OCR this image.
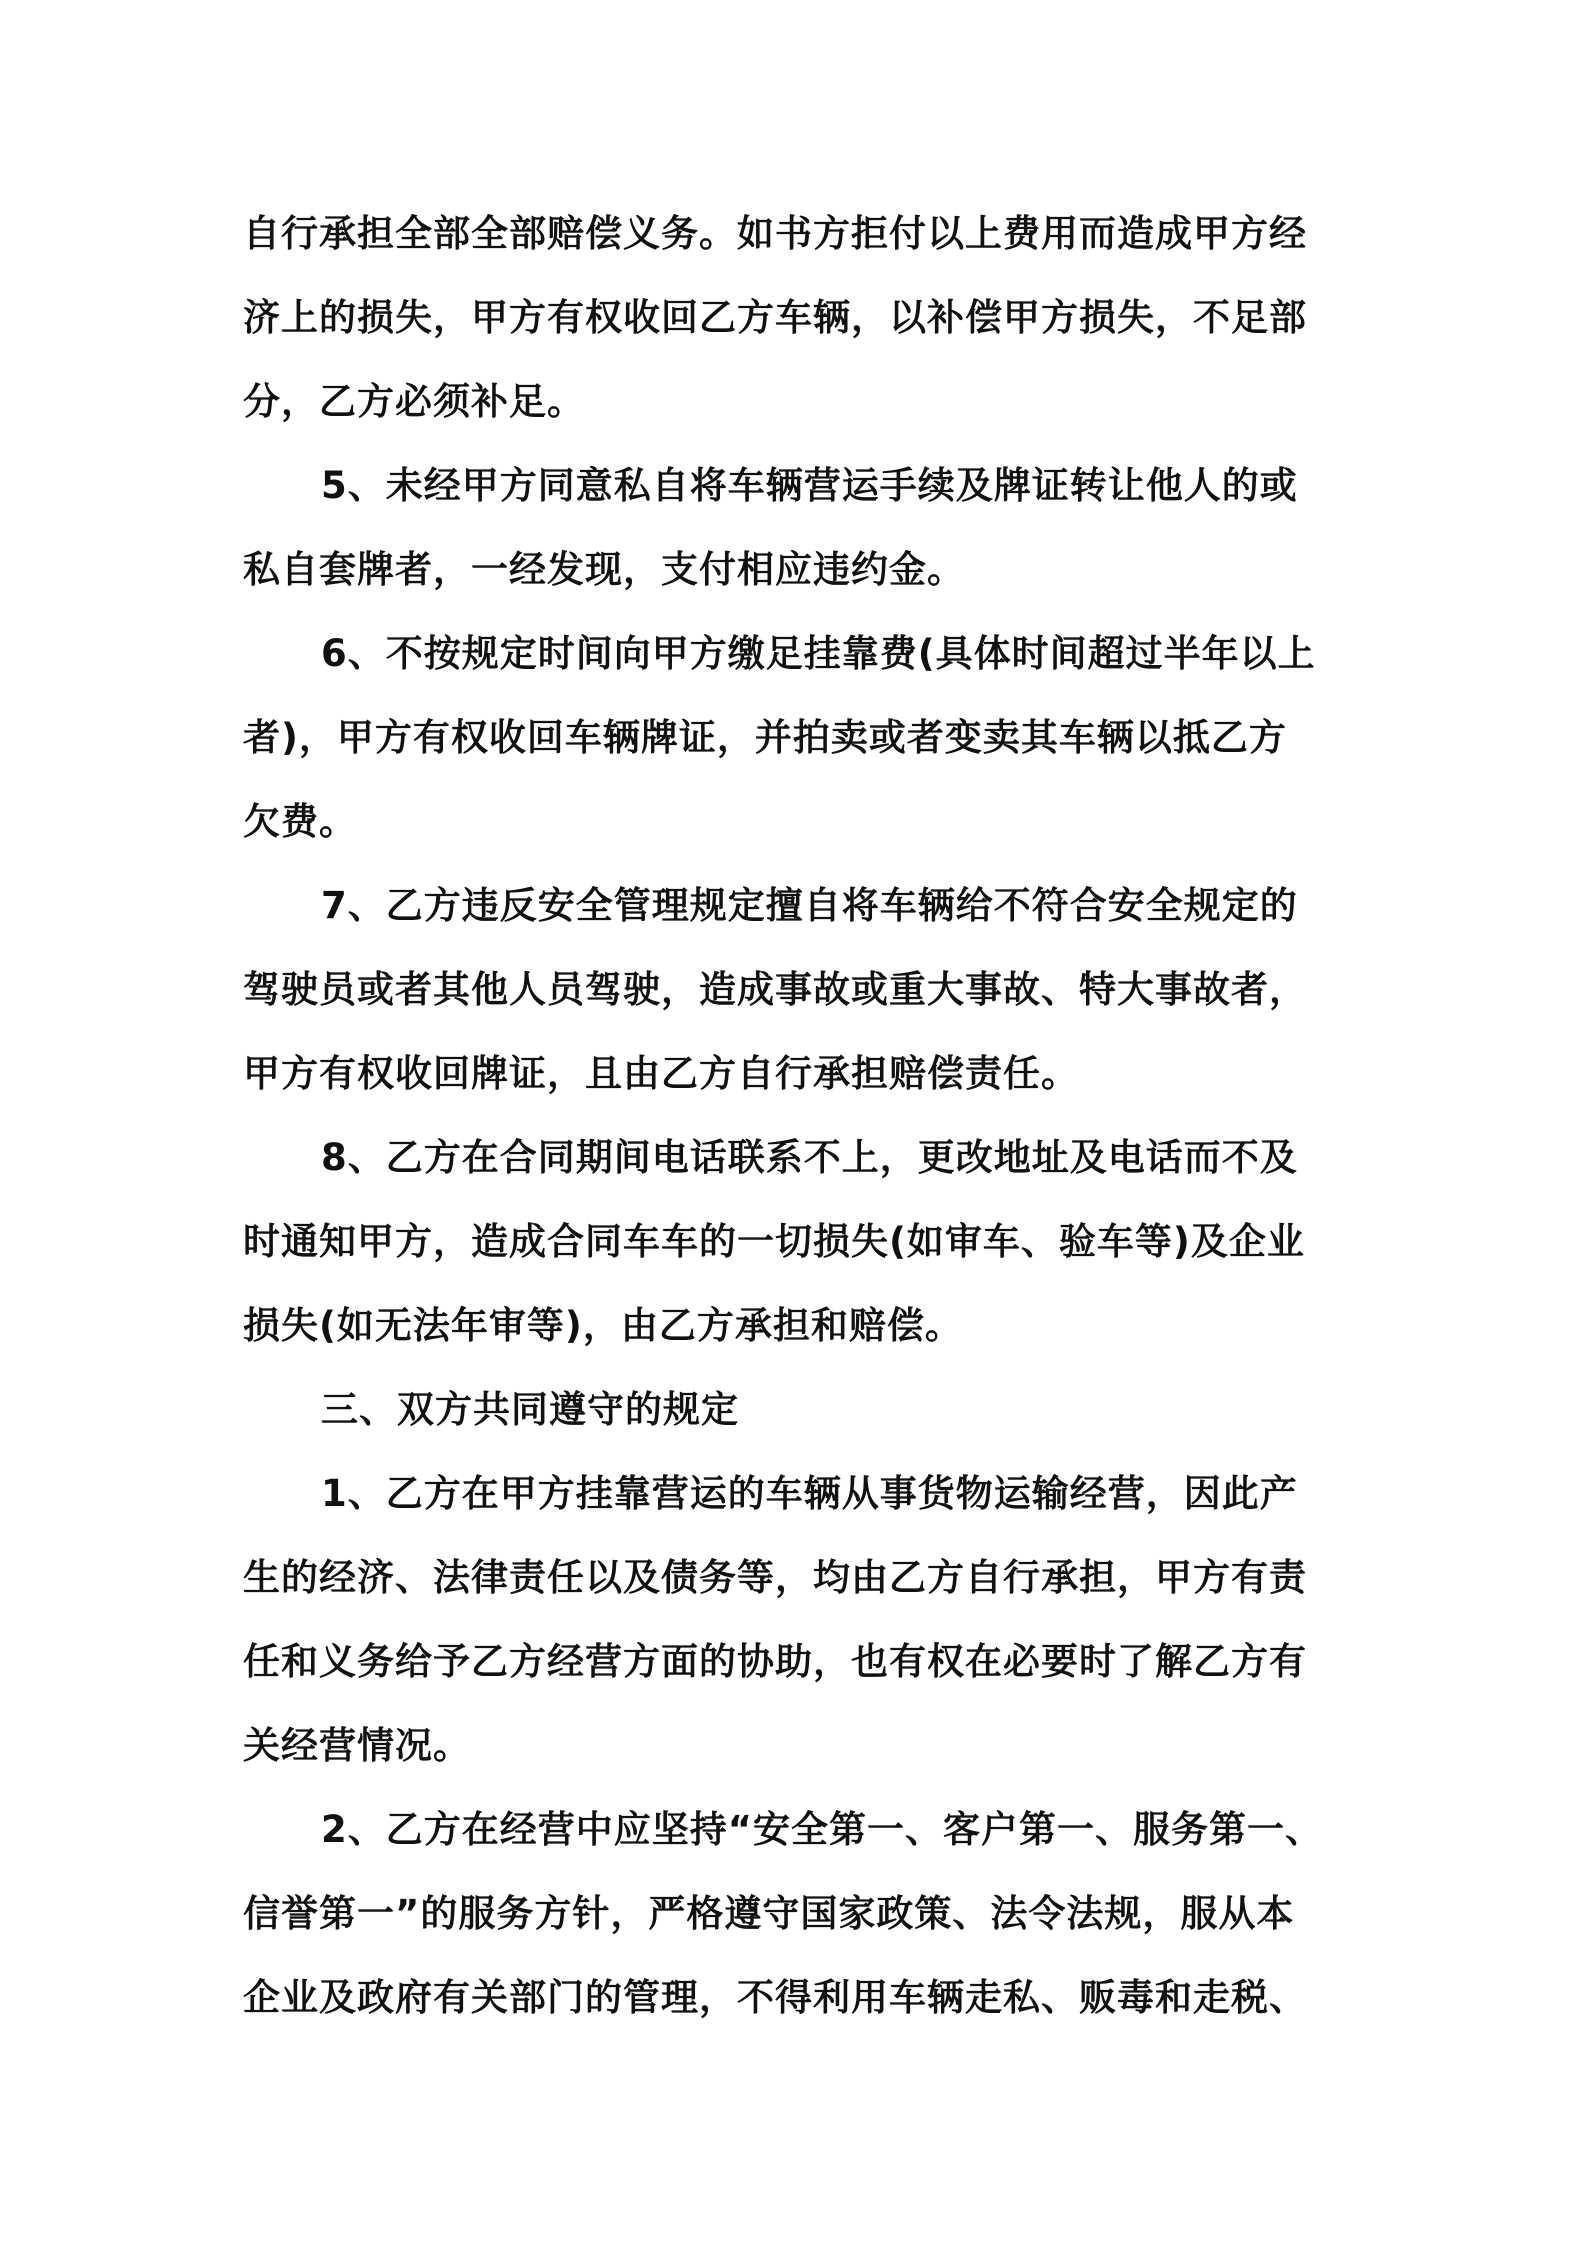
自行承担全部全部赔偿义务。如书方拒付以上费用而造成甲方经
济上的损失，甲方有权收回乙方车辆，以补偿甲方损失，不足部
分，乙方必须补足。
5、未经甲方同意私自将车辆营运手续及牌证转让他人的或
私自套牌者，一经发现，支付相应违约金。
6、不按规定时间向甲方缴足挂靠费(具体时间超过半年以上
者)，甲方有权收回车辆牌证，并拍卖或者变卖其车辆以抵乙方
欠费。
7、乙方违反安全管理规定擅自将车辆给不符合安全规定的
驾驶员或者其他人员驾驶，造成事故或重大事故、特大事故者，
甲方有权收回牌证，且由乙方自行承担赔偿责任。
8、乙方在合同期间电话联系不上，更改地址及电话而不及
时通知甲方，造成合同车车的一切损失(如审车、验车等)及企业
损失(如无法年审等)，由乙方承担和赔偿。
三、双方共同遵守的规定
1、乙方在甲方挂靠营运的车辆从事货物运输经营，因此产
生的经济、法律责任以及债务等，均由乙方自行承担，甲方有责
任和义务给予乙方经营方面的协助，也有权在必要时了解乙方有
关经营情况。
2、乙方在经营中应坚持“安全第一、客户第一、服务第一、
信誉第一”的服务方针，严格遵守国家政策、法令法规，服从本
企业及政府有关部门的管理，不得利用车辆走私、贩毒和走税、
